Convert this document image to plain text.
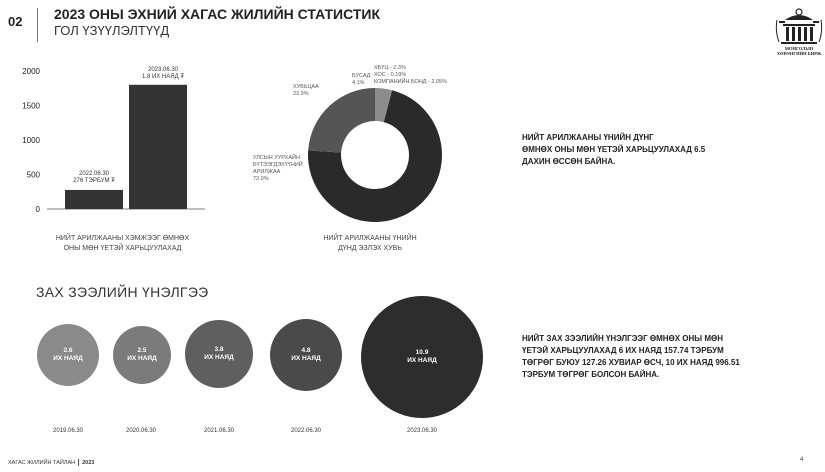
02 2023 ОНЫ ЭХНИЙ ХАГАС ЖИЛИЙН СТАТИСТИК
ГОЛ ҮЗҮҮЛЭЛТҮҮД
МОНГОЛЫН
ХӨРӨНГИЙН БИРЖ
0
500
1000
1500
2000
2022.06.30
276 ТЭРБУМ ₮
2023.06.30
1.8 ИХ НАЯД ₮
НИЙТ АРИЛЖААНЫ ХЭМЖЭЭГ ӨМНӨХ
ОНЫ МӨН ҮЕТЭЙ ХАРЬЦУУЛАХАД
ХУВЬЦАА
23.9%
БУСАД
4.1%
ХБҮЦ - 2.3%
ХОС - 0.19%
КОМПАНИЙН БОНД - 2.05%
УЛСЫН УУРХАЙН
БҮТЭЭГДЭХҮҮНИЙ
АРИЛЖАА
72.0%
НИЙТ АРИЛЖААНЫ ҮНИЙН
ДҮНД ЭЗЛЭХ ХУВЬ
НИЙТ АРИЛЖААНЫ ҮНИЙН ДҮНГ
ӨМНӨХ ОНЫ МӨН ҮЕТЭЙ ХАРЬЦУУЛАХАД 6.5
ДАХИН ӨССӨН БАЙНА.
ЗАХ ЗЭЭЛИЙН ҮНЭЛГЭЭ
2.6
ИХ НАЯД
2.5
ИХ НАЯД
3.8
ИХ НАЯД
4.8
ИХ НАЯД
10.9
ИХ НАЯД
2019.06.30	2020.06.30	2021.06.30	2022.06.30	2023.06.30
НИЙТ ЗАХ ЗЭЭЛИЙН ҮНЭЛГЭЭГ ӨМНӨХ ОНЫ МӨН
ҮЕТЭЙ ХАРЬЦУУЛАХАД 6 ИХ НАЯД 157.74 ТЭРБУМ
ТӨГРӨГ БУЮУ 127.26 ХУВИАР ӨСЧ, 10 ИХ НАЯД 996.51
ТЭРБУМ ТӨГРӨГ БОЛСОН БАЙНА.
ХАГАС ЖИЛИЙН ТАЙЛАН 2023	4
